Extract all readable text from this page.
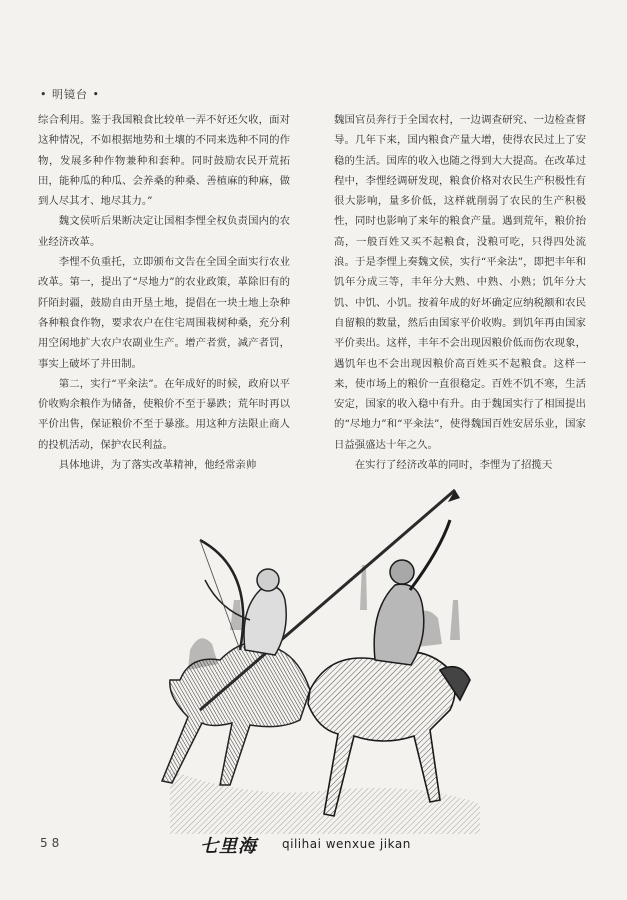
• 明镜台 •

综合利用。鉴于我国粮食比较单一弄不好还欠收，面对这种情况，不如根据地势和土壤的不同来选种不同的作物，发展多种作物兼种和套种。同时鼓励农民开荒拓田，能种瓜的种瓜、会养桑的种桑、善植麻的种麻，做到人尽其才、地尽其力。”

魏文侯听后果断决定让国相李悝全权负责国内的农业经济改革。

李悝不负重托，立即颁布文告在全国全面实行农业改革。第一，提出了“尽地力”的农业政策，革除旧有的阡陌封疆，鼓励自由开垦土地，提倡在一块土地上杂种各种粮食作物，要求农户在住宅周围栽树种桑，充分利用空闲地扩大农户农副业生产。增产者赏，减产者罚，事实上破坏了井田制。

第二，实行“平籴法”。在年成好的时候，政府以平价收购余粮作为储备，使粮价不至于暴跌；荒年时再以平价出售，保证粮价不至于暴涨。用这种方法限止商人的投机活动，保护农民利益。

具体地讲，为了落实改革精神，他经常亲帅

魏国官员奔行于全国农村，一边调查研究、一边检查督导。几年下来，国内粮食产量大增，使得农民过上了安稳的生活。国库的收入也随之得到大大提高。在改革过程中，李悝经调研发现，粮食价格对农民生产积极性有很大影响，量多价低，这样就削弱了农民的生产积极性，同时也影响了来年的粮食产量。遇到荒年，粮价抬高，一般百姓又买不起粮食，没粮可吃，只得四处流浪。于是李悝上奏魏文侯，实行“平籴法”，即把丰年和饥年分成三等，丰年分大熟、中熟、小熟；饥年分大饥、中饥、小饥。按着年成的好坏确定应纳税额和农民自留粮的数量，然后由国家平价收购。到饥年再由国家平价卖出。这样，丰年不会出现因粮价低而伤农现象，遇饥年也不会出现因粮价高百姓买不起粮食。这样一来，使市场上的粮价一直很稳定。百姓不饥不寒，生活安定，国家的收入稳中有升。由于魏国实行了相国提出的“尽地力”和“平籴法”，使得魏国百姓安居乐业，国家日益强盛达十年之久。

在实行了经济改革的同时，李悝为了招揽天

58	七里海 qilihai wenxue jikan
